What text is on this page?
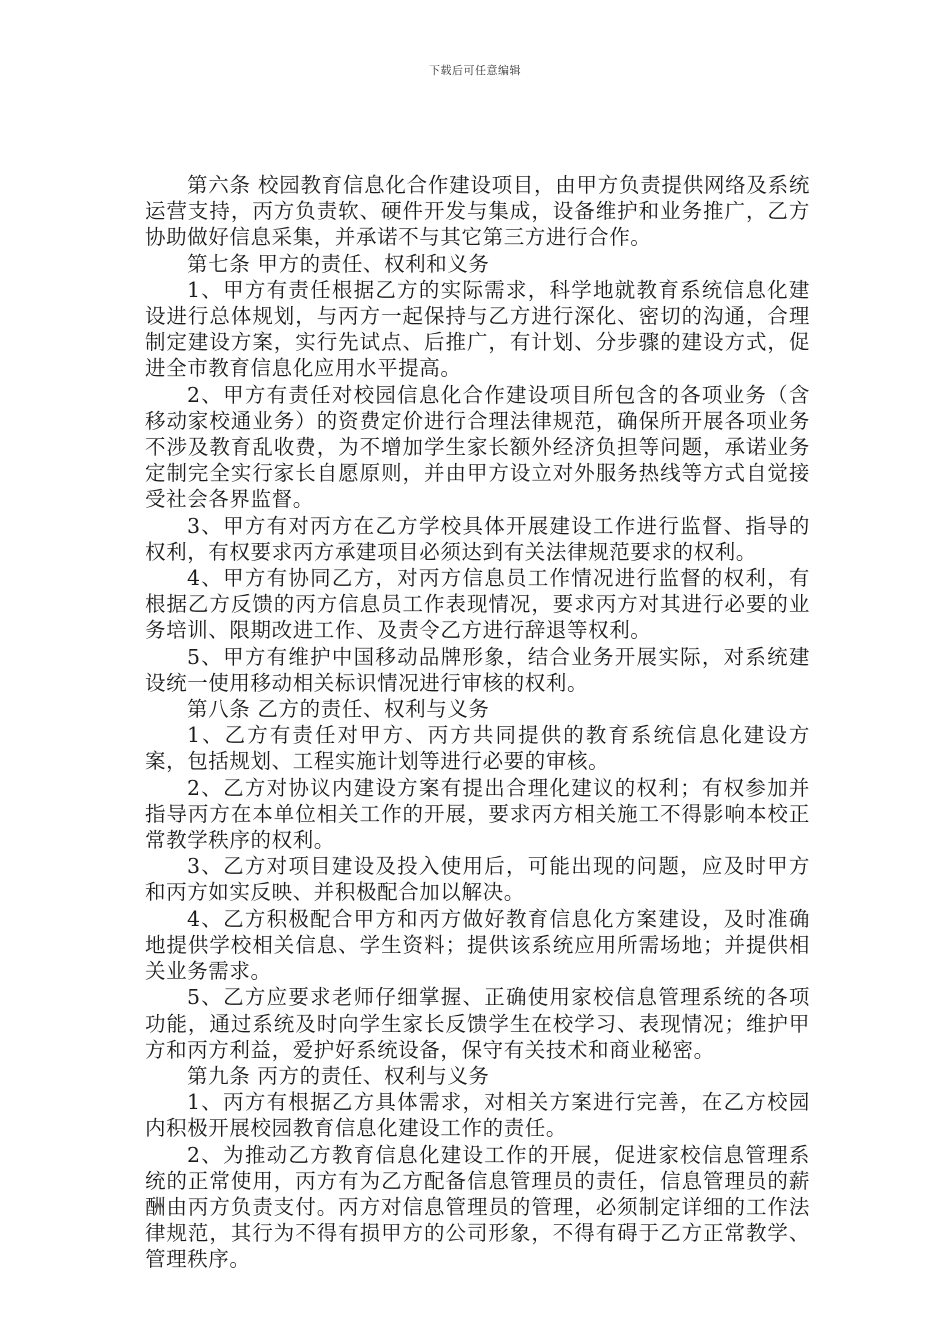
下载后可任意编辑

第六条 校园教育信息化合作建设项目，由甲方负责提供网络及系统运营支持，丙方负责软、硬件开发与集成，设备维护和业务推广，乙方协助做好信息采集，并承诺不与其它第三方进行合作。

第七条 甲方的责任、权利和义务

1、甲方有责任根据乙方的实际需求，科学地就教育系统信息化建设进行总体规划，与丙方一起保持与乙方进行深化、密切的沟通，合理制定建设方案，实行先试点、后推广，有计划、分步骤的建设方式，促进全市教育信息化应用水平提高。

2、甲方有责任对校园信息化合作建设项目所包含的各项业务（含移动家校通业务）的资费定价进行合理法律规范，确保所开展各项业务不涉及教育乱收费，为不增加学生家长额外经济负担等问题，承诺业务定制完全实行家长自愿原则，并由甲方设立对外服务热线等方式自觉接受社会各界监督。

3、甲方有对丙方在乙方学校具体开展建设工作进行监督、指导的权利，有权要求丙方承建项目必须达到有关法律规范要求的权利。

4、甲方有协同乙方，对丙方信息员工作情况进行监督的权利，有根据乙方反馈的丙方信息员工作表现情况，要求丙方对其进行必要的业务培训、限期改进工作、及责令乙方进行辞退等权利。

5、甲方有维护中国移动品牌形象，结合业务开展实际，对系统建设统一使用移动相关标识情况进行审核的权利。

第八条 乙方的责任、权利与义务

1、乙方有责任对甲方、丙方共同提供的教育系统信息化建设方案，包括规划、工程实施计划等进行必要的审核。

2、乙方对协议内建设方案有提出合理化建议的权利；有权参加并指导丙方在本单位相关工作的开展，要求丙方相关施工不得影响本校正常教学秩序的权利。

3、乙方对项目建设及投入使用后，可能出现的问题，应及时甲方和丙方如实反映、并积极配合加以解决。

4、乙方积极配合甲方和丙方做好教育信息化方案建设，及时准确地提供学校相关信息、学生资料；提供该系统应用所需场地；并提供相关业务需求。

5、乙方应要求老师仔细掌握、正确使用家校信息管理系统的各项功能，通过系统及时向学生家长反馈学生在校学习、表现情况；维护甲方和丙方利益，爱护好系统设备，保守有关技术和商业秘密。

第九条 丙方的责任、权利与义务

1、丙方有根据乙方具体需求，对相关方案进行完善，在乙方校园内积极开展校园教育信息化建设工作的责任。

2、为推动乙方教育信息化建设工作的开展，促进家校信息管理系统的正常使用，丙方有为乙方配备信息管理员的责任，信息管理员的薪酬由丙方负责支付。丙方对信息管理员的管理，必须制定详细的工作法律规范，其行为不得有损甲方的公司形象，不得有碍于乙方正常教学、管理秩序。
